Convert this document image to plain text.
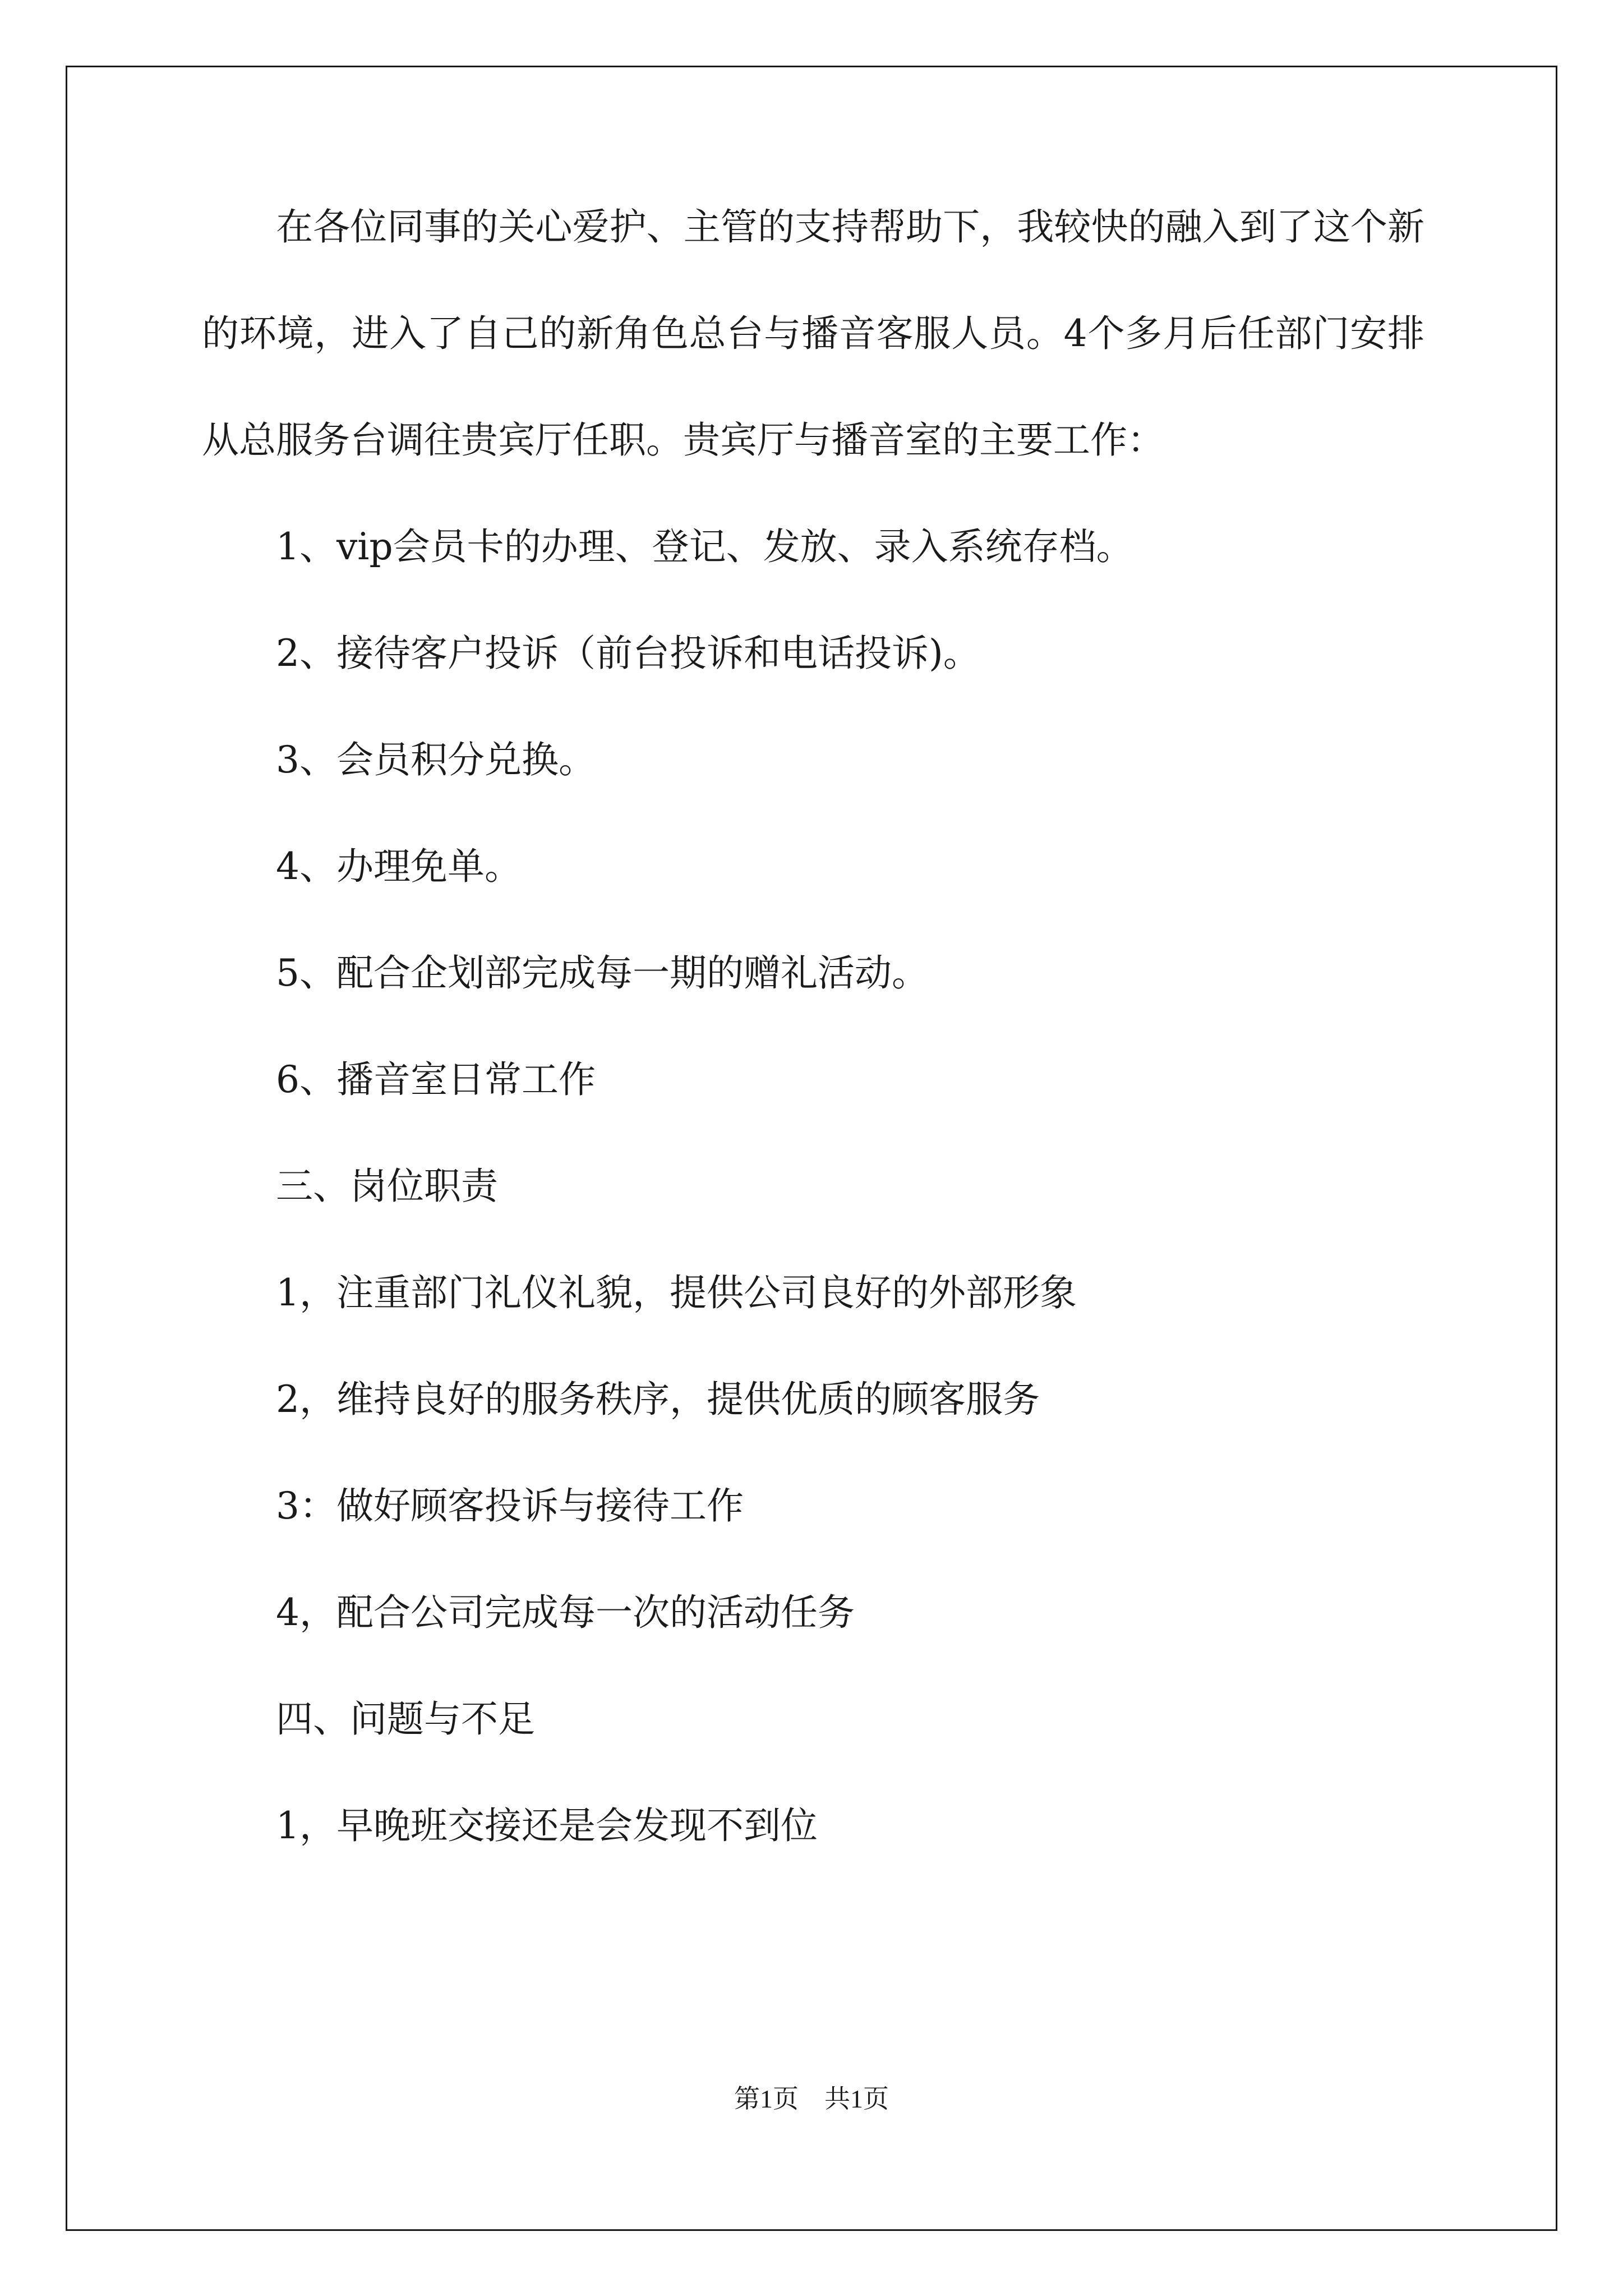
在各位同事的关心爱护、主管的支持帮助下，我较快的融入到了这个新的环境，进入了自己的新角色总台与播音客服人员。4个多月后任部门安排从总服务台调往贵宾厅任职。贵宾厅与播音室的主要工作：

1、vip会员卡的办理、登记、发放、录入系统存档。

2、接待客户投诉（前台投诉和电话投诉)。

3、会员积分兑换。

4、办理免单。

5、配合企划部完成每一期的赠礼活动。

6、播音室日常工作

三、岗位职责

1，注重部门礼仪礼貌，提供公司良好的外部形象

2，维持良好的服务秩序，提供优质的顾客服务

3：做好顾客投诉与接待工作

4，配合公司完成每一次的活动任务

四、问题与不足

1，早晚班交接还是会发现不到位

第1页　共1页
